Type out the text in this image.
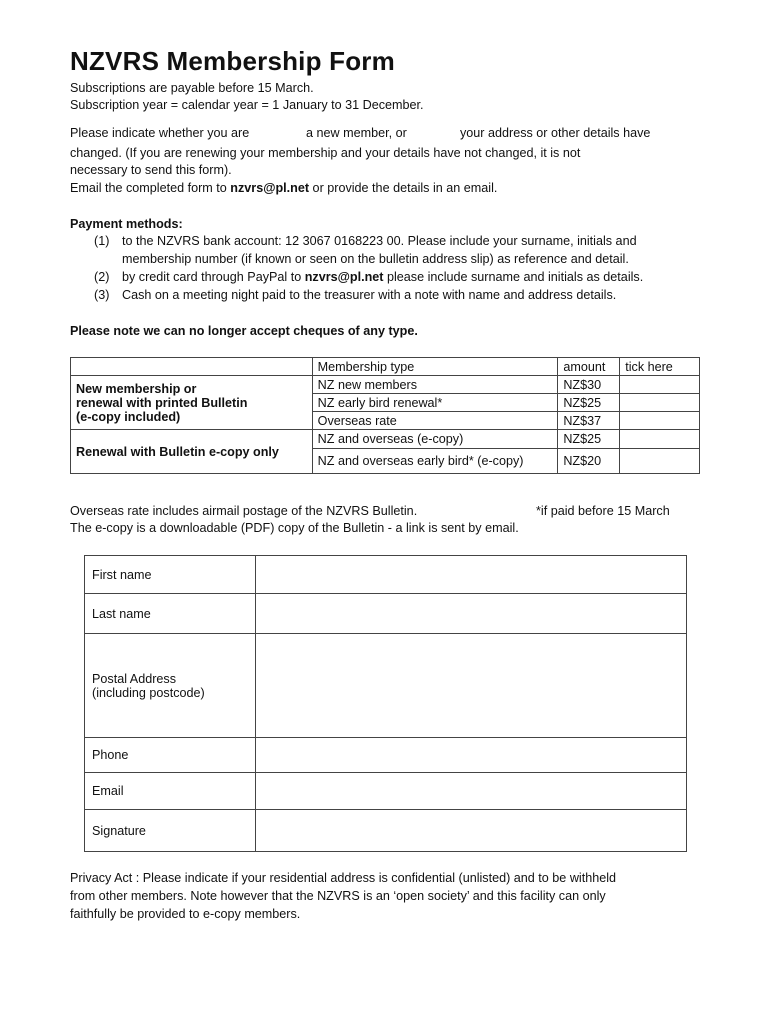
NZVRS Membership Form
Subscriptions are payable before 15 March.
Subscription year = calendar year = 1 January to 31 December.
Please indicate whether you are	a new member, or	your address or other details have
changed. (If you are renewing your membership and your details have not changed, it is not
necessary to send this form).
Email the completed form to nzvrs@pl.net or provide the details in an email.
Payment methods:
(1) to the NZVRS bank account: 12 3067 0168223 00. Please include your surname, initials and
membership number (if known or seen on the bulletin address slip) as reference and detail.
(2) by credit card through PayPal to nzvrs@pl.net please include surname and initials as details.
(3) Cash on a meeting night paid to the treasurer with a note with name and address details.
Please note we can no longer accept cheques of any type.
	Membership type	amount	tick here

New membership or
renewal with printed Bulletin
(e-copy included)	NZ new members	NZ$30	
	NZ early bird renewal*	NZ$25	
	Overseas rate	NZ$37	
Renewal with Bulletin e-copy only	NZ and overseas (e-copy)	NZ$25	
	NZ and overseas early bird* (e-copy)	NZ$20	
Overseas rate includes airmail postage of the NZVRS Bulletin.	*if paid before 15 March
The e-copy is a downloadable (PDF) copy of the Bulletin - a link is sent by email.
First name	
Last name	

Postal Address
(including postcode)	

Phone	
Email	
Signature	
Privacy Act : Please indicate if your residential address is confidential (unlisted) and to be withheld
from other members. Note however that the NZVRS is an ‘open society’ and this facility can only
faithfully be provided to e-copy members.
